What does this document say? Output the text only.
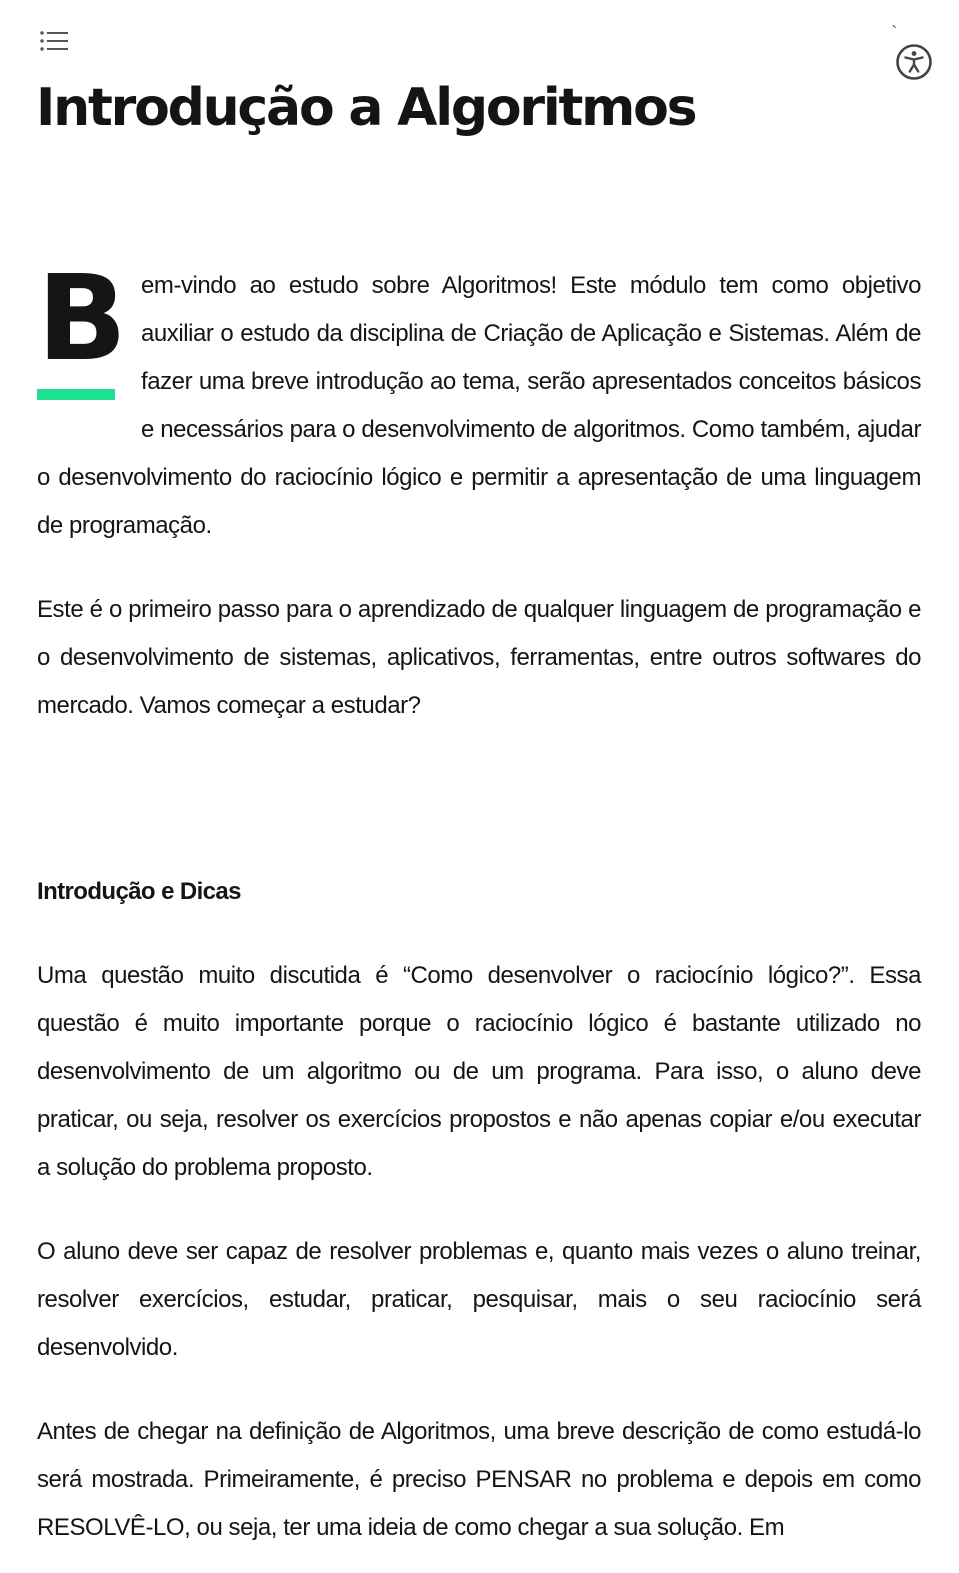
`
Introdução a Algoritmos

B em-vindo ao estudo sobre Algoritmos! Este módulo tem como objetivo auxiliar o estudo da disciplina de Criação de Aplicação e Sistemas. Além de fazer uma breve introdução ao tema, serão apresentados conceitos básicos e necessários para o desenvolvimento de algoritmos. Como também, ajudar o desenvolvimento do raciocínio lógico e permitir a apresentação de uma linguagem de programação.

Este é o primeiro passo para o aprendizado de qualquer linguagem de programação e o desenvolvimento de sistemas, aplicativos, ferramentas, entre outros softwares do mercado. Vamos começar a estudar?

Introdução e Dicas

Uma questão muito discutida é “Como desenvolver o raciocínio lógico?”. Essa questão é muito importante porque o raciocínio lógico é bastante utilizado no desenvolvimento de um algoritmo ou de um programa. Para isso, o aluno deve praticar, ou seja, resolver os exercícios propostos e não apenas copiar e/ou executar a solução do problema proposto.

O aluno deve ser capaz de resolver problemas e, quanto mais vezes o aluno treinar, resolver exercícios, estudar, praticar, pesquisar, mais o seu raciocínio será desenvolvido.

Antes de chegar na definição de Algoritmos, uma breve descrição de como estudá-lo será mostrada. Primeiramente, é preciso PENSAR no problema e depois em como RESOLVÊ-LO, ou seja, ter uma ideia de como chegar a sua solução. Em
